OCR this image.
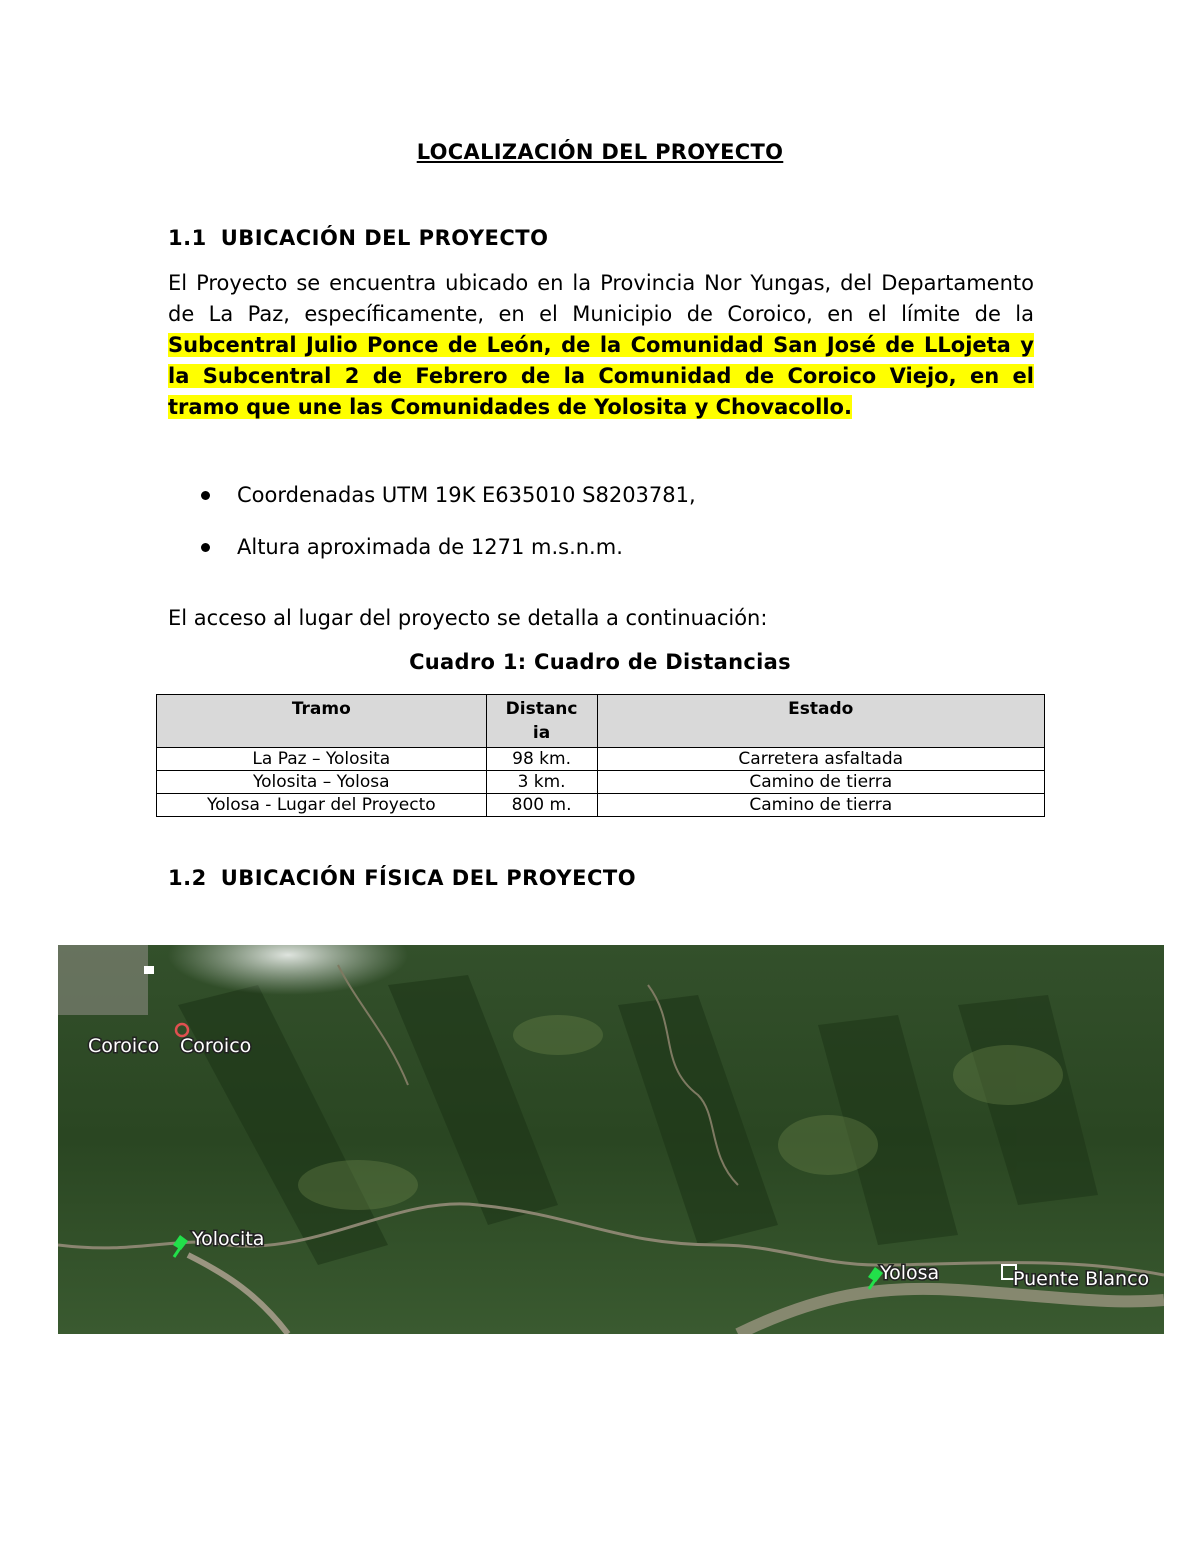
LOCALIZACIÓN DEL PROYECTO
1.1 UBICACIÓN DEL PROYECTO
El Proyecto se encuentra ubicado en la Provincia Nor Yungas, del Departamento de La Paz, específicamente, en el Municipio de Coroico, en el límite de la Subcentral Julio Ponce de León, de la Comunidad San José de LLojeta y la Subcentral 2 de Febrero de la Comunidad de Coroico Viejo, en el tramo que une las Comunidades de Yolosita y Chovacollo.
Coordenadas UTM 19K E635010 S8203781,
Altura aproximada de 1271 m.s.n.m.
El acceso al lugar del proyecto se detalla a continuación:
Cuadro 1: Cuadro de Distancias
Tramo	Distanc ia	Estado
La Paz – Yolosita	98 km.	Carretera asfaltada
Yolosita – Yolosa	3 km.	Camino de tierra
Yolosa - Lugar del Proyecto	800 m.	Camino de tierra
1.2 UBICACIÓN FÍSICA DEL PROYECTO
Coroico Coroico
Yolocita
Yolosa	Puente Blanco
